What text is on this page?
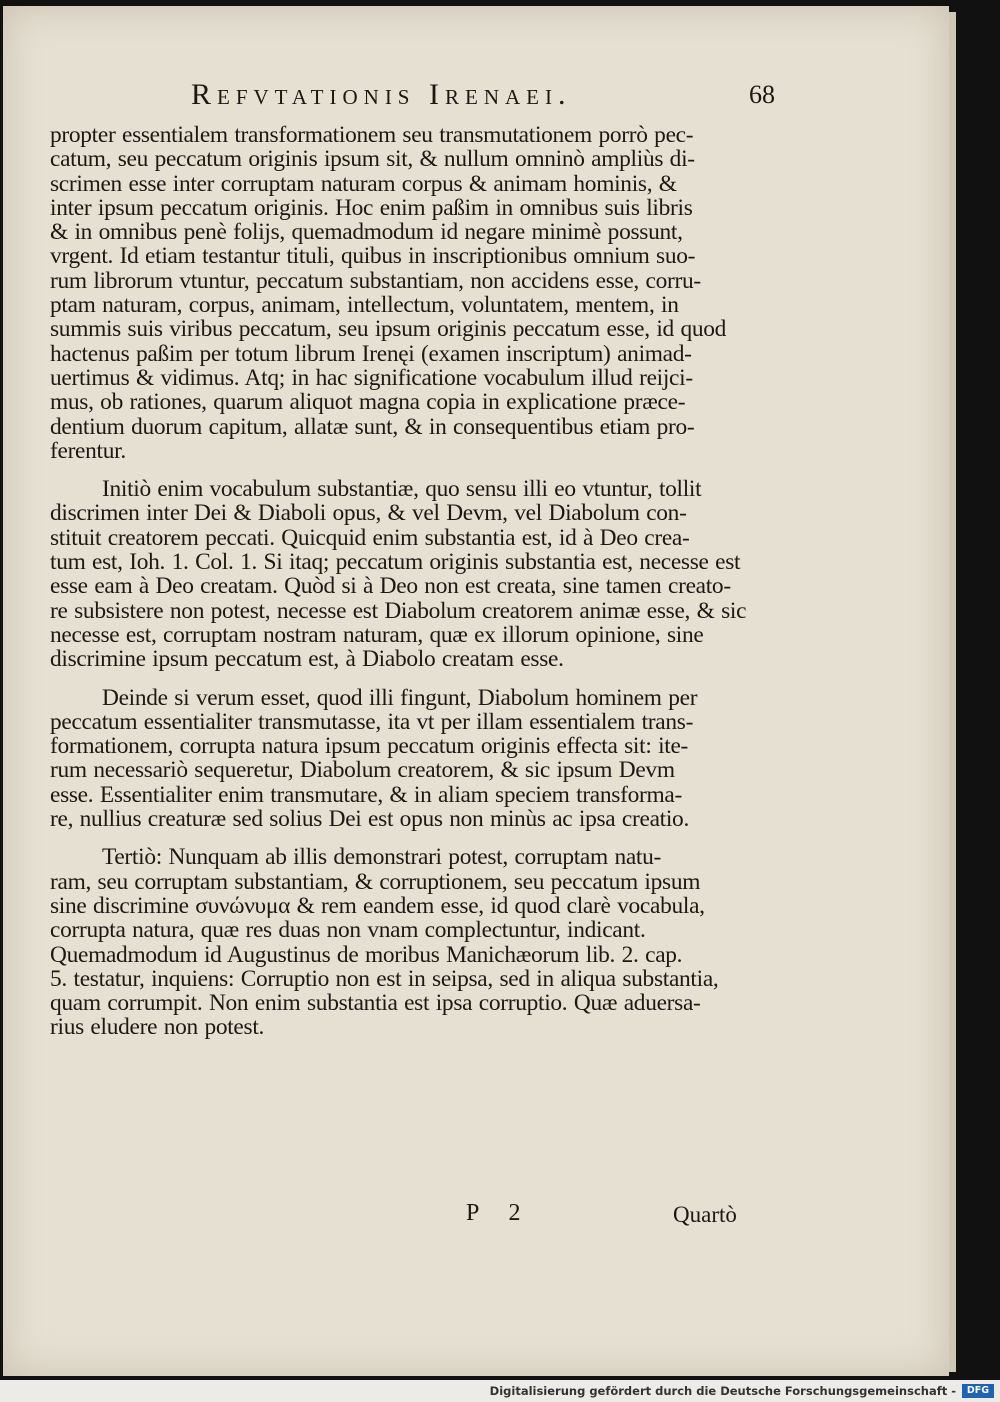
Refvtationis Irenaei.	68
propter essentialem transformationem seu transmutationem porrò pec-
catum, seu peccatum originis ipsum sit, & nullum omninò ampliùs di-
scrimen esse inter corruptam naturam corpus & animam hominis, &
inter ipsum peccatum originis. Hoc enim paßim in omnibus suis libris
& in omnibus penè folijs, quemadmodum id negare minimè possunt,
vrgent. Id etiam testantur tituli, quibus in inscriptionibus omnium suo-
rum librorum vtuntur, peccatum substantiam, non accidens esse, corru-
ptam naturam, corpus, animam, intellectum, voluntatem, mentem, in
summis suis viribus peccatum, seu ipsum originis peccatum esse, id quod
hactenus paßim per totum librum Irenęi (examen inscriptum) animad-
uertimus & vidimus. Atq; in hac significatione vocabulum illud reijci-
mus, ob rationes, quarum aliquot magna copia in explicatione præce-
dentium duorum capitum, allatæ sunt, & in consequentibus etiam pro-
ferentur.
Initiò enim vocabulum substantiæ, quo sensu illi eo vtuntur, tollit
discrimen inter Dei & Diaboli opus, & vel Devm, vel Diabolum con-
stituit creatorem peccati. Quicquid enim substantia est, id à Deo crea-
tum est, Ioh. 1. Col. 1. Si itaq; peccatum originis substantia est, necesse est
esse eam à Deo creatam. Quòd si à Deo non est creata, sine tamen creato-
re subsistere non potest, necesse est Diabolum creatorem animæ esse, & sic
necesse est, corruptam nostram naturam, quæ ex illorum opinione, sine
discrimine ipsum peccatum est, à Diabolo creatam esse.
Deinde si verum esset, quod illi fingunt, Diabolum hominem per
peccatum essentialiter transmutasse, ita vt per illam essentialem trans-
formationem, corrupta natura ipsum peccatum originis effecta sit: ite-
rum necessariò sequeretur, Diabolum creatorem, & sic ipsum Devm
esse. Essentialiter enim transmutare, & in aliam speciem transforma-
re, nullius creaturæ sed solius Dei est opus non minùs ac ipsa creatio.
Tertiò: Nunquam ab illis demonstrari potest, corruptam natu-
ram, seu corruptam substantiam, & corruptionem, seu peccatum ipsum
sine discrimine συνώνυμα & rem eandem esse, id quod clarè vocabula,
corrupta natura, quæ res duas non vnam complectuntur, indicant.
Quemadmodum id Augustinus de moribus Manichæorum lib. 2. cap.
5. testatur, inquiens: Corruptio non est in seipsa, sed in aliqua substantia,
quam corrumpit. Non enim substantia est ipsa corruptio. Quæ aduersa-
rius eludere non potest.
P 2	Quartò
Digitalisierung gefördert durch die Deutsche Forschungsgemeinschaft -	DFG
